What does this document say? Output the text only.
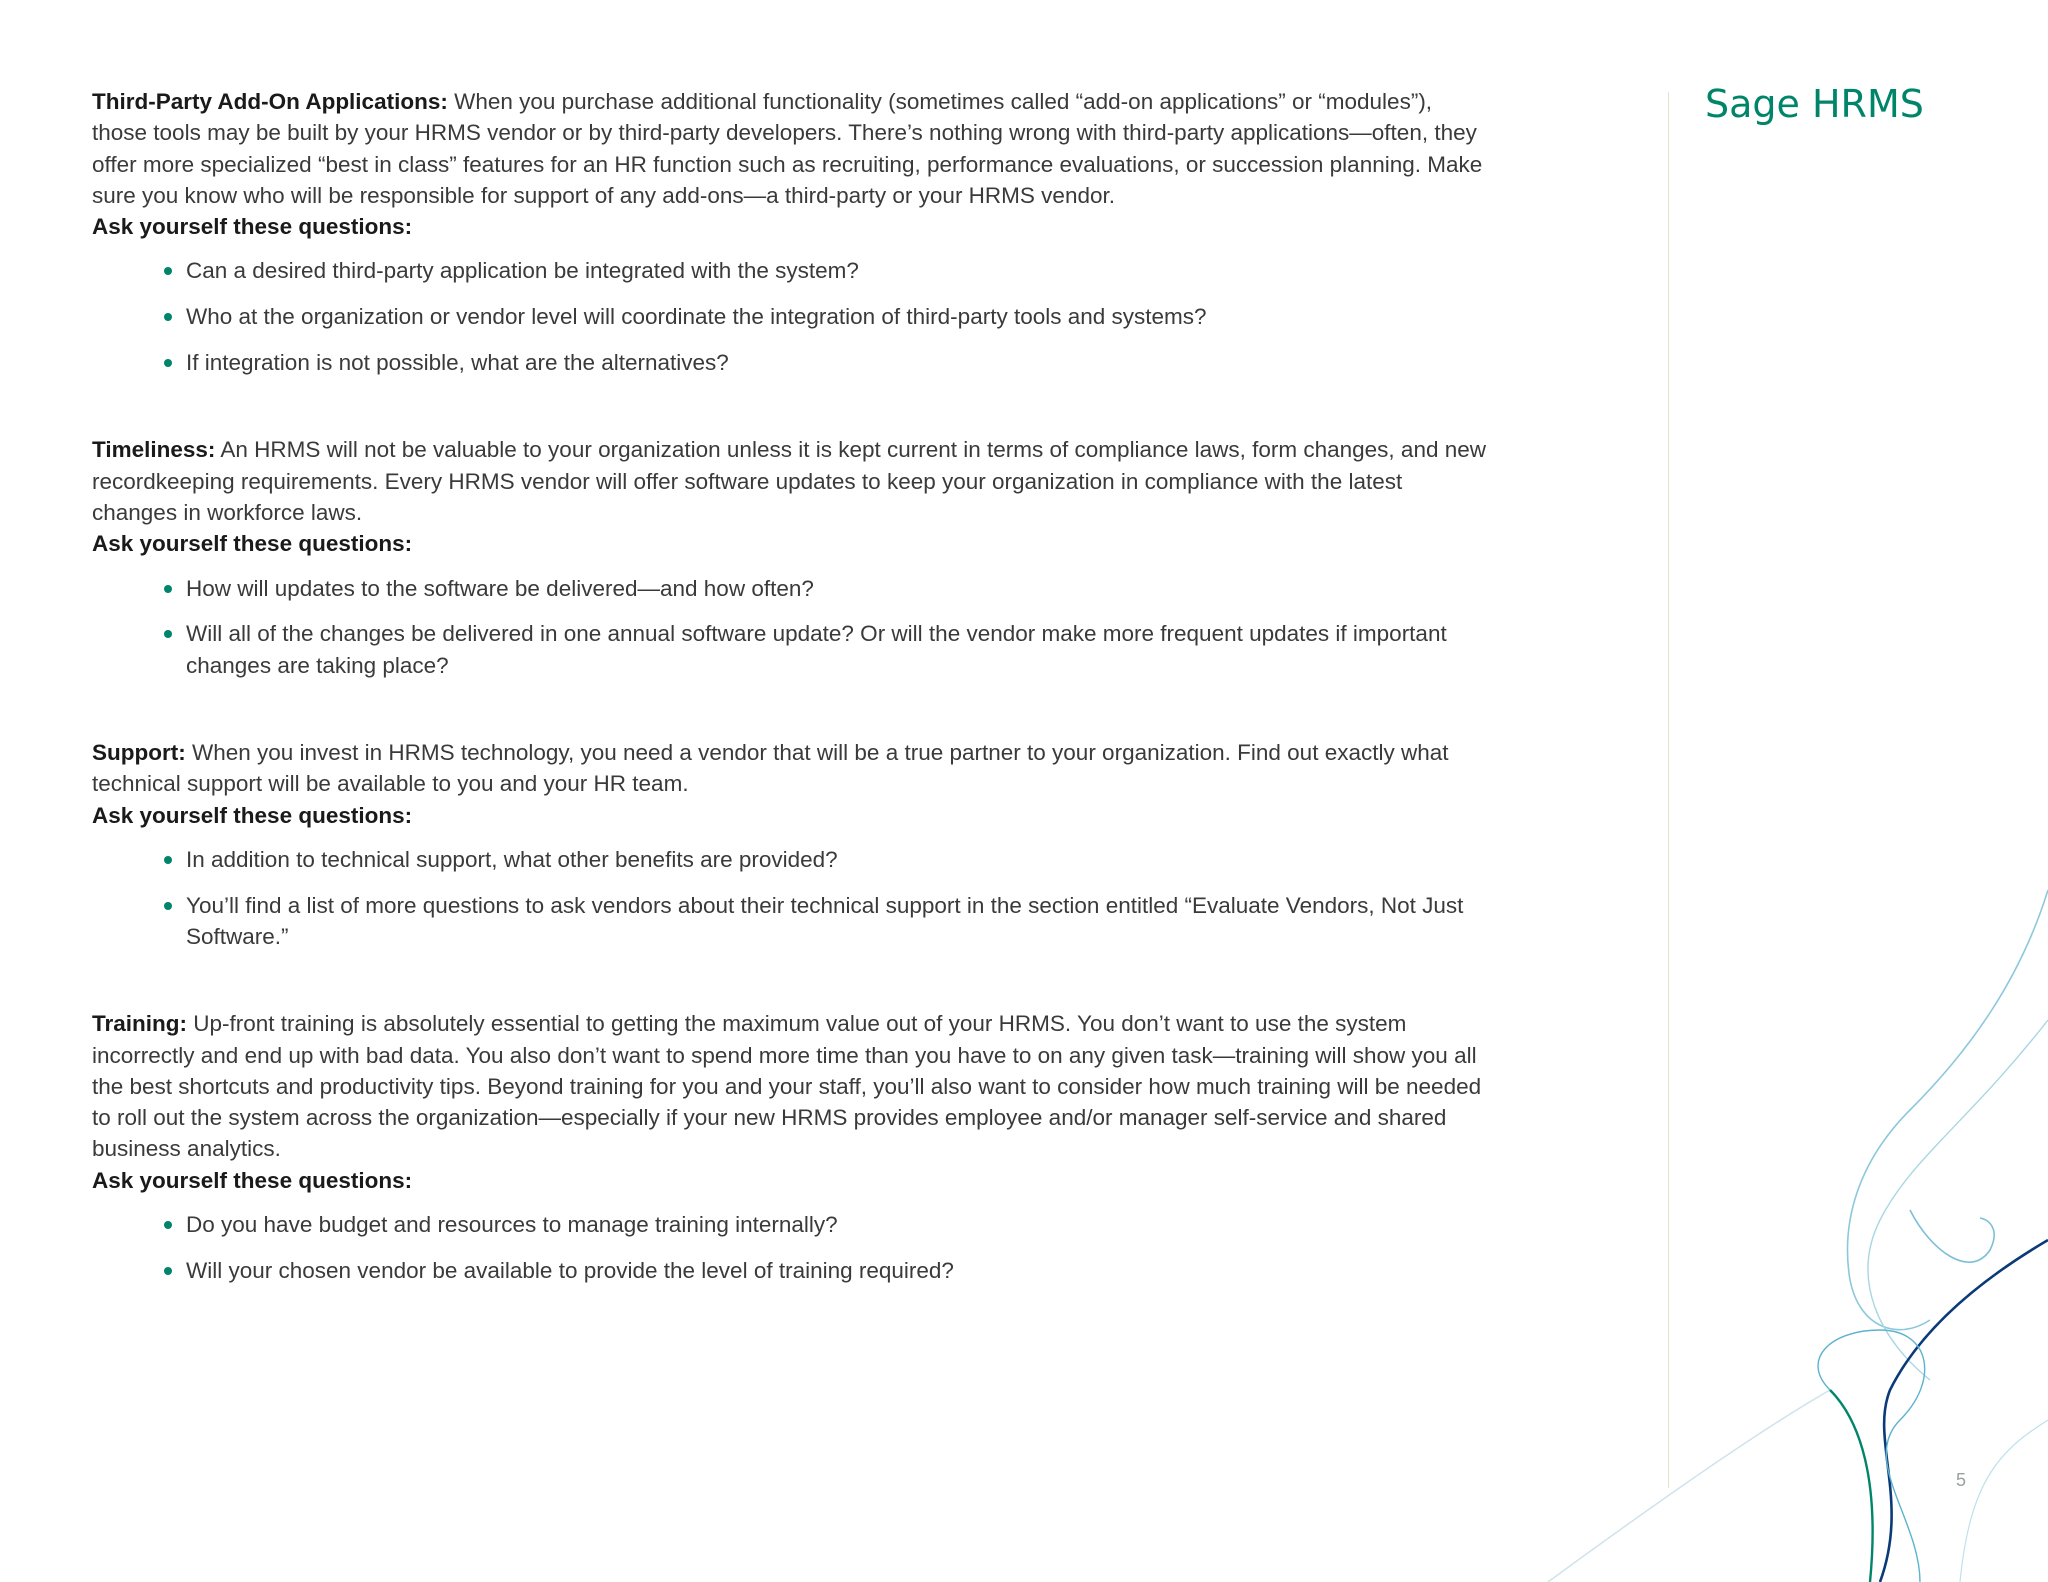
Third-Party Add-On Applications: When you purchase additional functionality (sometimes called “add-on applications” or “modules”), those tools may be built by your HRMS vendor or by third-party developers. There’s nothing wrong with third-party applications—often, they offer more specialized “best in class” features for an HR function such as recruiting, performance evaluations, or succession planning. Make sure you know who will be responsible for support of any add-ons—a third-party or your HRMS vendor.

Ask yourself these questions:

Can a desired third-party application be integrated with the system?
Who at the organization or vendor level will coordinate the integration of third-party tools and systems?
If integration is not possible, what are the alternatives?

Timeliness: An HRMS will not be valuable to your organization unless it is kept current in terms of compliance laws, form changes, and new recordkeeping requirements. Every HRMS vendor will offer software updates to keep your organization in compliance with the latest changes in workforce laws.

Ask yourself these questions:

How will updates to the software be delivered—and how often?
Will all of the changes be delivered in one annual software update? Or will the vendor make more frequent updates if important changes are taking place?

Support: When you invest in HRMS technology, you need a vendor that will be a true partner to your organization. Find out exactly what technical support will be available to you and your HR team.

Ask yourself these questions:

In addition to technical support, what other benefits are provided?
You’ll find a list of more questions to ask vendors about their technical support in the section entitled “Evaluate Vendors, Not Just Software.”

Training: Up-front training is absolutely essential to getting the maximum value out of your HRMS. You don’t want to use the system incorrectly and end up with bad data. You also don’t want to spend more time than you have to on any given task—training will show you all the best shortcuts and productivity tips. Beyond training for you and your staff, you’ll also want to consider how much training will be needed to roll out the system across the organization—especially if your new HRMS provides employee and/or manager self-service and shared business analytics.

Ask yourself these questions:

Do you have budget and resources to manage training internally?
Will your chosen vendor be available to provide the level of training required?
Sage HRMS
5
